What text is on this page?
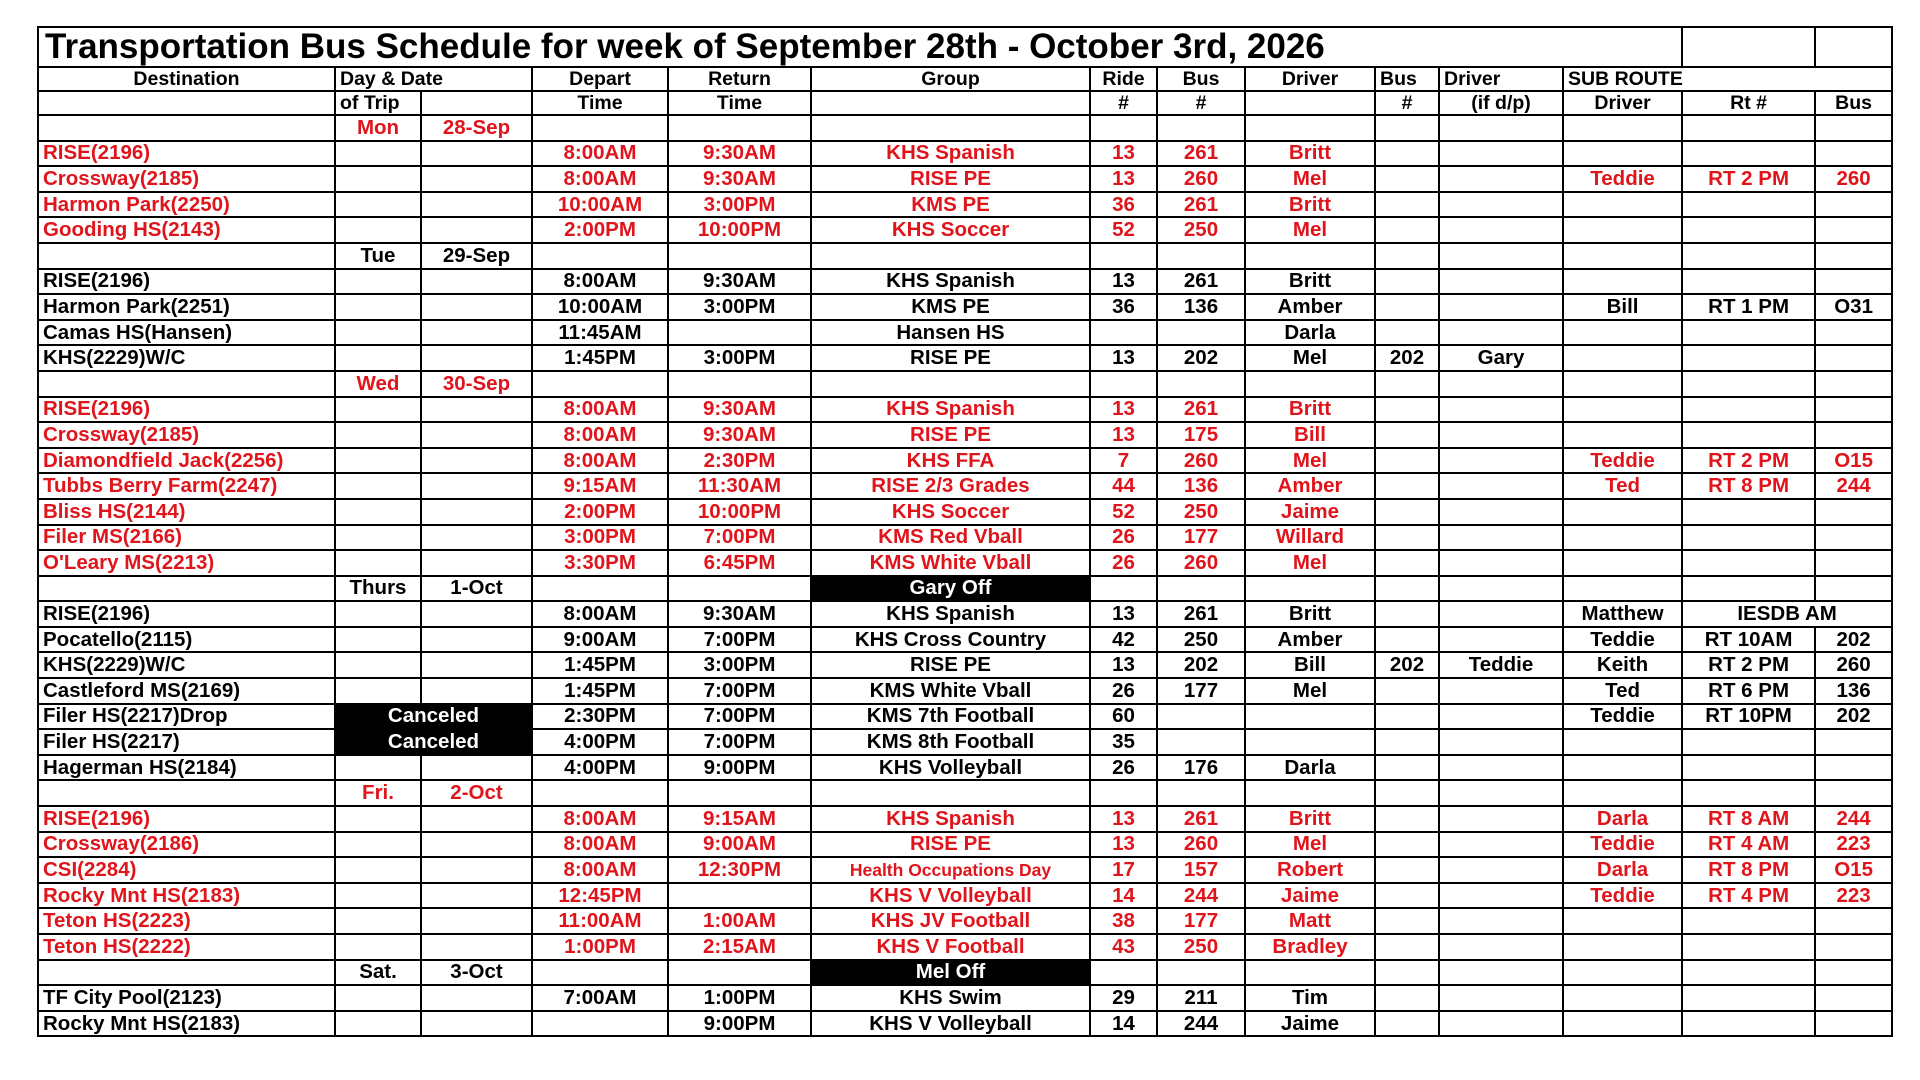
Transportation Bus Schedule for week of September 28th - October 3rd, 2026													
Destination	Day & Date		Depart	Return	Group	Ride	Bus	Driver	Bus	Driver	SUB ROUTE		
	of Trip		Time	Time		#	#		#	(if d/p)	Driver	Rt #	Bus
	Mon	28-Sep											
RISE(2196)			8:00AM	9:30AM	KHS Spanish	13	261	Britt					
Crossway(2185)			8:00AM	9:30AM	RISE PE	13	260	Mel			Teddie	RT 2 PM	260
Harmon Park(2250)			10:00AM	3:00PM	KMS PE	36	261	Britt					
Gooding HS(2143)			2:00PM	10:00PM	KHS Soccer	52	250	Mel					
	Tue	29-Sep											
RISE(2196)			8:00AM	9:30AM	KHS Spanish	13	261	Britt					
Harmon Park(2251)			10:00AM	3:00PM	KMS PE	36	136	Amber			Bill	RT 1 PM	O31
Camas HS(Hansen)			11:45AM		Hansen HS			Darla					
KHS(2229)W/C			1:45PM	3:00PM	RISE PE	13	202	Mel	202	Gary			
	Wed	30-Sep											
RISE(2196)			8:00AM	9:30AM	KHS Spanish	13	261	Britt					
Crossway(2185)			8:00AM	9:30AM	RISE PE	13	175	Bill					
Diamondfield Jack(2256)			8:00AM	2:30PM	KHS FFA	7	260	Mel			Teddie	RT 2 PM	O15
Tubbs Berry Farm(2247)			9:15AM	11:30AM	RISE 2/3 Grades	44	136	Amber			Ted	RT 8 PM	244
Bliss HS(2144)			2:00PM	10:00PM	KHS Soccer	52	250	Jaime					
Filer MS(2166)			3:00PM	7:00PM	KMS Red Vball	26	177	Willard					
O'Leary MS(2213)			3:30PM	6:45PM	KMS White Vball	26	260	Mel					
	Thurs	1-Oct			Gary Off								
RISE(2196)			8:00AM	9:30AM	KHS Spanish	13	261	Britt			Matthew	IESDB AM	
Pocatello(2115)			9:00AM	7:00PM	KHS Cross Country	42	250	Amber			Teddie	RT 10AM	202
KHS(2229)W/C			1:45PM	3:00PM	RISE PE	13	202	Bill	202	Teddie	Keith	RT 2 PM	260
Castleford MS(2169)			1:45PM	7:00PM	KMS White Vball	26	177	Mel			Ted	RT 6 PM	136
Filer HS(2217)Drop	Canceled		2:30PM	7:00PM	KMS 7th Football	60					Teddie	RT 10PM	202
Filer HS(2217)	Canceled		4:00PM	7:00PM	KMS 8th Football	35							
Hagerman HS(2184)			4:00PM	9:00PM	KHS Volleyball	26	176	Darla					
	Fri.	2-Oct											
RISE(2196)			8:00AM	9:15AM	KHS Spanish	13	261	Britt			Darla	RT 8 AM	244
Crossway(2186)			8:00AM	9:00AM	RISE PE	13	260	Mel			Teddie	RT 4 AM	223
CSI(2284)			8:00AM	12:30PM	Health Occupations Day	17	157	Robert			Darla	RT 8 PM	O15
Rocky Mnt HS(2183)			12:45PM		KHS V Volleyball	14	244	Jaime			Teddie	RT 4 PM	223
Teton HS(2223)			11:00AM	1:00AM	KHS JV Football	38	177	Matt					
Teton HS(2222)			1:00PM	2:15AM	KHS V Football	43	250	Bradley					
	Sat.	3-Oct			Mel Off								
TF City Pool(2123)			7:00AM	1:00PM	KHS Swim	29	211	Tim					
Rocky Mnt HS(2183)				9:00PM	KHS V Volleyball	14	244	Jaime					
